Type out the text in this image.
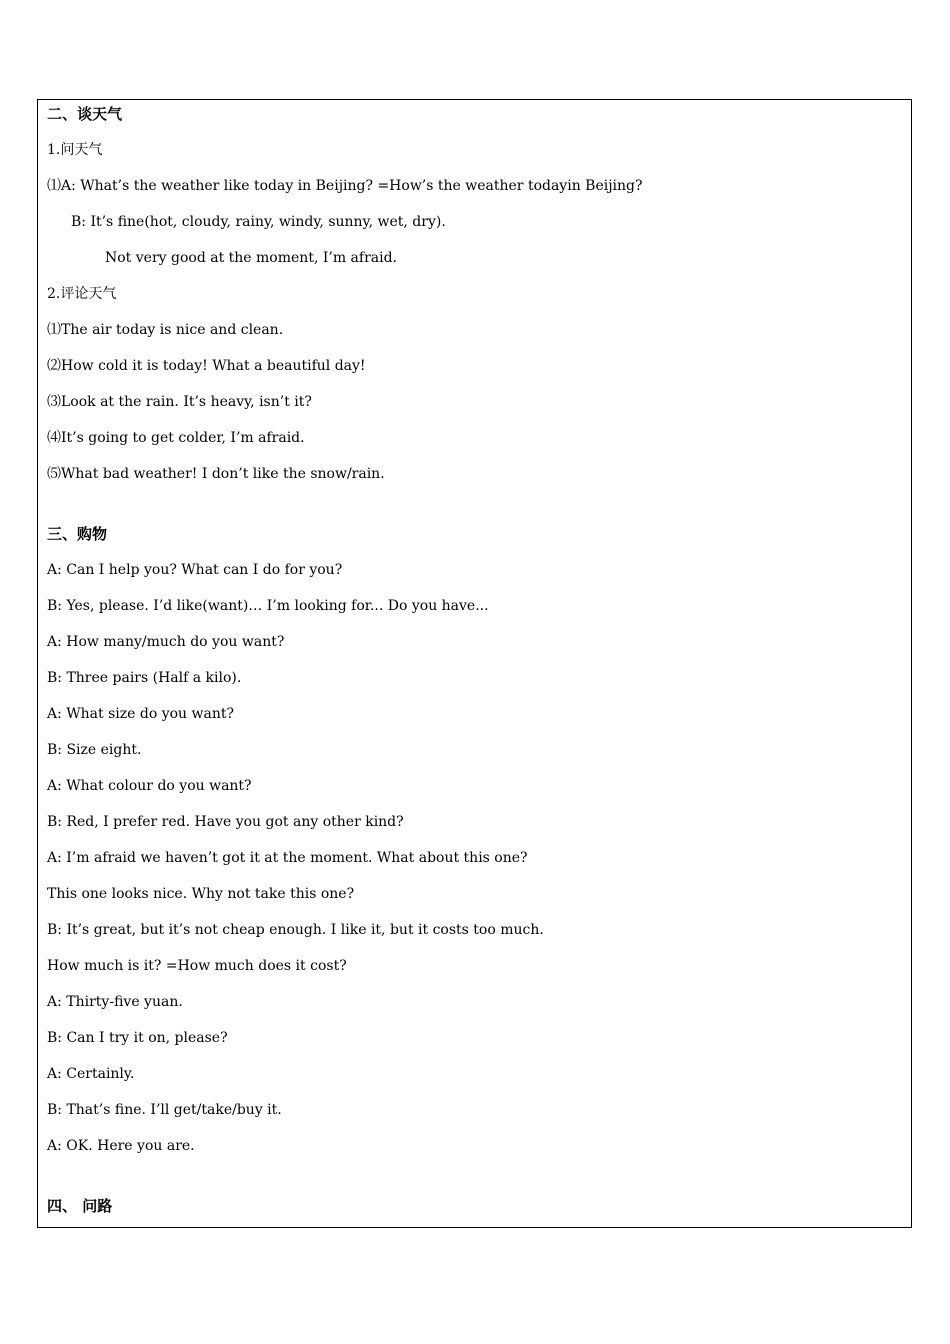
二、谈天气
1.问天气
⑴A: What’s the weather like today in Beijing? =How’s the weather todayin Beijing?
B: It’s fine(hot, cloudy, rainy, windy, sunny, wet, dry).
Not very good at the moment, I’m afraid.
2.评论天气
⑴The air today is nice and clean.
⑵How cold it is today! What a beautiful day!
⑶Look at the rain. It’s heavy, isn’t it?
⑷It’s going to get colder, I’m afraid.
⑸What bad weather! I don’t like the snow/rain.
三、购物
A: Can I help you? What can I do for you?
B: Yes, please. I’d like(want)… I’m looking for... Do you have...
A: How many/much do you want?
B: Three pairs (Half a kilo).
A: What size do you want?
B: Size eight.
A: What colour do you want?
B: Red, I prefer red. Have you got any other kind?
A: I’m afraid we haven’t got it at the moment. What about this one?
This one looks nice. Why not take this one?
B: It’s great, but it’s not cheap enough. I like it, but it costs too much.
How much is it? =How much does it cost?
A: Thirty-five yuan.
B: Can I try it on, please?
A: Certainly.
B: That’s fine. I’ll get/take/buy it.
A: OK. Here you are.
四、 问路
